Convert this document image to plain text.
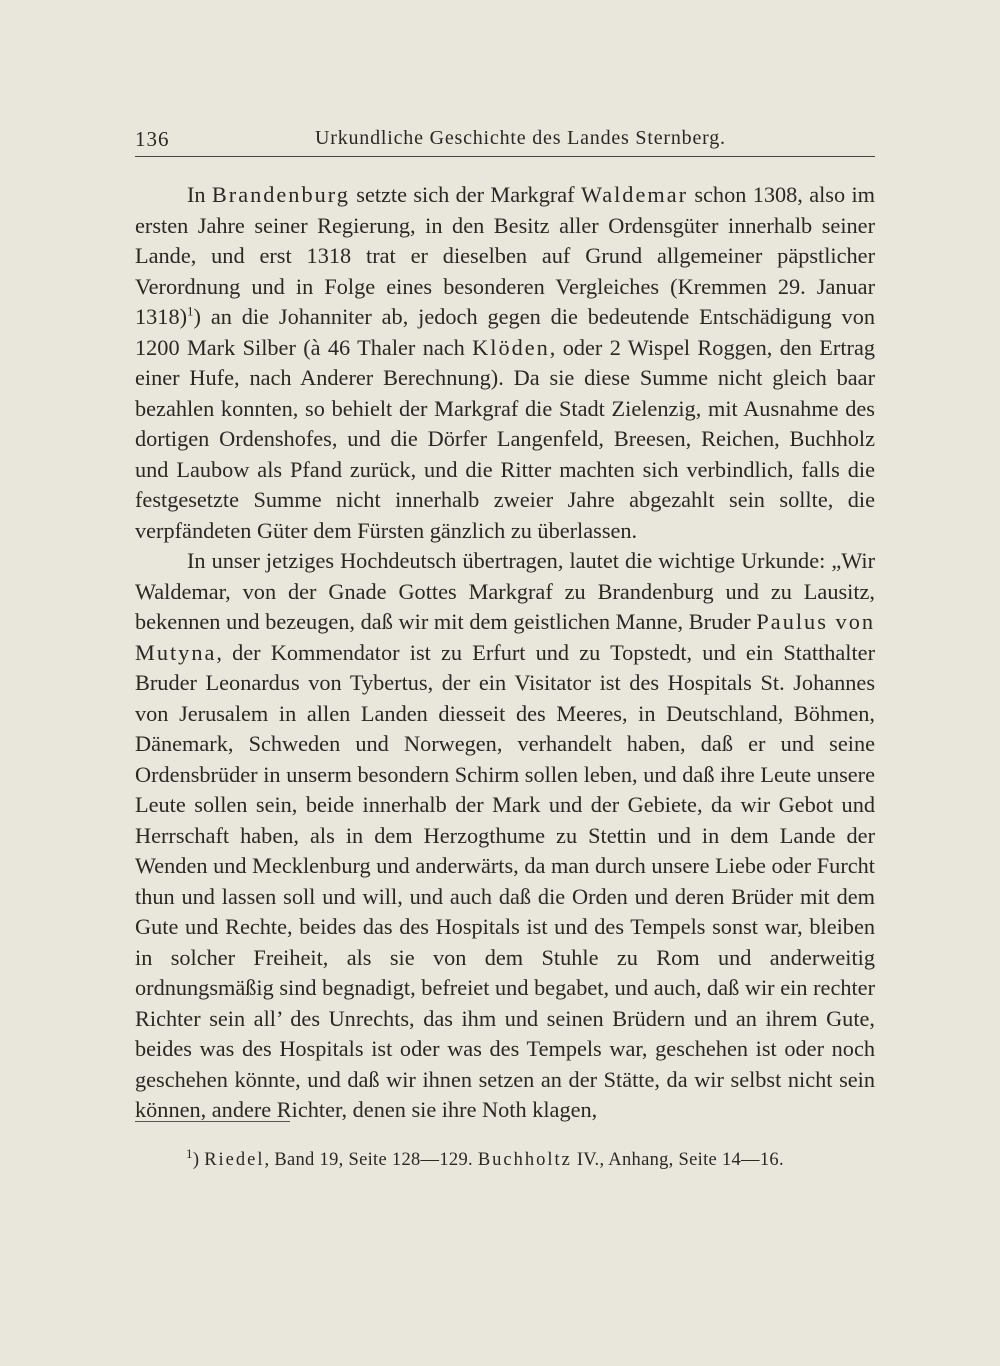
136	Urkundliche Geschichte des Landes Sternberg.

In Brandenburg setzte sich der Markgraf Waldemar schon 1308, also im ersten Jahre seiner Regierung, in den Besitz aller Ordensgüter innerhalb seiner Lande, und erst 1318 trat er dieselben auf Grund allgemeiner päpstlicher Verordnung und in Folge eines besonderen Vergleiches (Kremmen 29. Januar 1318)$^1$) an die Johanniter ab, jedoch gegen die bedeutende Entschädigung von 1200 Mark Silber (à 46 Thaler nach Klöden, oder 2 Wispel Roggen, den Ertrag einer Hufe, nach Anderer Berechnung). Da sie diese Summe nicht gleich baar bezahlen konnten, so behielt der Markgraf die Stadt Zielenzig, mit Ausnahme des dortigen Ordenshofes, und die Dörfer Langenfeld, Breesen, Reichen, Buchholz und Laubow als Pfand zurück, und die Ritter machten sich verbindlich, falls die festgesetzte Summe nicht innerhalb zweier Jahre abgezahlt sein sollte, die verpfändeten Güter dem Fürsten gänzlich zu überlassen.

In unser jetziges Hochdeutsch übertragen, lautet die wichtige Urkunde: „Wir Waldemar, von der Gnade Gottes Markgraf zu Brandenburg und zu Lausitz, bekennen und bezeugen, daß wir mit dem geistlichen Manne, Bruder Paulus von Mutyna, der Kommendator ist zu Erfurt und zu Topstedt, und ein Statthalter Bruder Leonardus von Tybertus, der ein Visitator ist des Hospitals St. Johannes von Jerusalem in allen Landen diesseit des Meeres, in Deutschland, Böhmen, Dänemark, Schweden und Norwegen, verhandelt haben, daß er und seine Ordensbrüder in unserm besondern Schirm sollen leben, und daß ihre Leute unsere Leute sollen sein, beide innerhalb der Mark und der Gebiete, da wir Gebot und Herrschaft haben, als in dem Herzogthume zu Stettin und in dem Lande der Wenden und Mecklenburg und anderwärts, da man durch unsere Liebe oder Furcht thun und lassen soll und will, und auch daß die Orden und deren Brüder mit dem Gute und Rechte, beides das des Hospitals ist und des Tempels sonst war, bleiben in solcher Freiheit, als sie von dem Stuhle zu Rom und anderweitig ordnungsmäßig sind begnadigt, befreiet und begabet, und auch, daß wir ein rechter Richter sein all’ des Unrechts, das ihm und seinen Brüdern und an ihrem Gute, beides was des Hospitals ist oder was des Tempels war, geschehen ist oder noch geschehen könnte, und daß wir ihnen setzen an der Stätte, da wir selbst nicht sein können, andere Richter, denen sie ihre Noth klagen,

$^1$) Riedel, Band 19, Seite 128—129. Buchholtz IV., Anhang, Seite 14—16.
